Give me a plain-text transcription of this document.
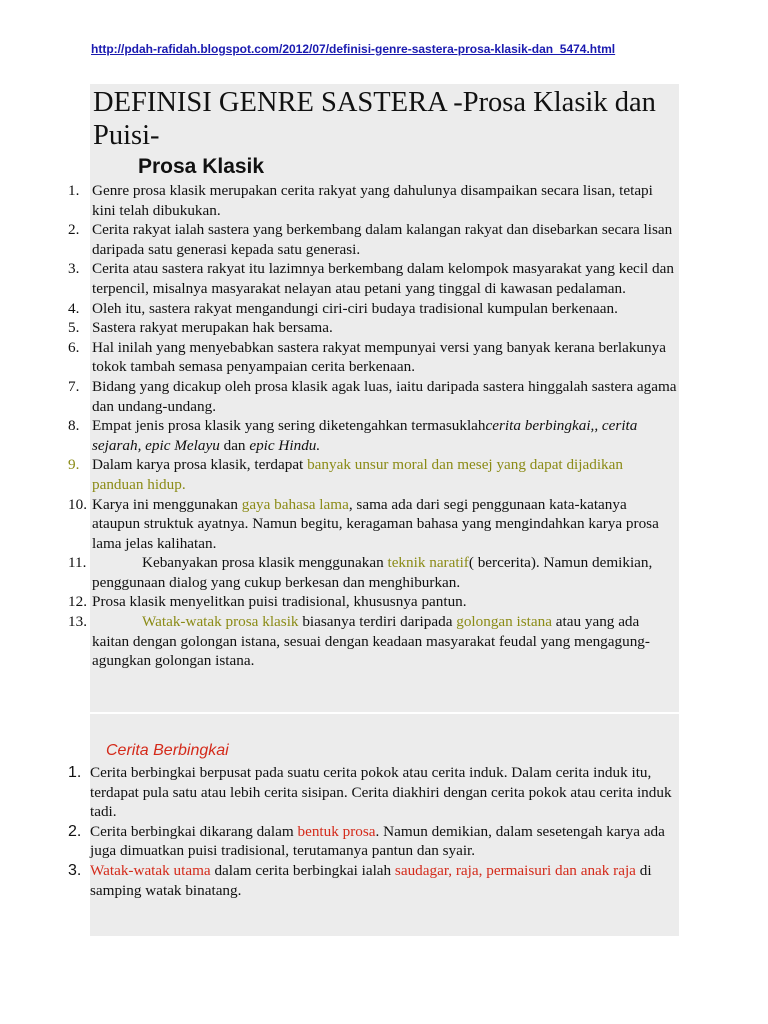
http://pdah-rafidah.blogspot.com/2012/07/definisi-genre-sastera-prosa-klasik-dan_5474.html
DEFINISI GENRE SASTERA -Prosa Klasik dan Puisi-
Prosa Klasik
1. Genre prosa klasik merupakan cerita rakyat yang dahulunya disampaikan secara lisan, tetapi kini telah dibukukan.
2. Cerita rakyat ialah sastera yang berkembang dalam kalangan rakyat dan disebarkan secara lisan daripada satu generasi kepada satu generasi.
3. Cerita atau sastera rakyat itu lazimnya berkembang dalam kelompok masyarakat yang kecil dan terpencil, misalnya masyarakat nelayan atau petani yang tinggal di kawasan pedalaman.
4. Oleh itu, sastera rakyat mengandungi ciri-ciri budaya tradisional kumpulan berkenaan.
5. Sastera rakyat merupakan hak bersama.
6. Hal inilah yang menyebabkan sastera rakyat mempunyai versi yang banyak kerana berlakunya tokok tambah semasa penyampaian cerita berkenaan.
7. Bidang yang dicakup oleh prosa klasik agak luas, iaitu daripada sastera hinggalah sastera agama dan undang-undang.
8. Empat jenis prosa klasik yang sering diketengahkan termasuklahcerita berbingkai,, cerita sejarah, epic Melayu dan epic Hindu.
9. Dalam karya prosa klasik, terdapat banyak unsur moral dan mesej yang dapat dijadikan panduan hidup.
10. Karya ini menggunakan gaya bahasa lama, sama ada dari segi penggunaan kata-katanya ataupun struktuk ayatnya. Namun begitu, keragaman bahasa yang mengindahkan karya prosa lama jelas kalihatan.
11.	Kebanyakan prosa klasik menggunakan teknik naratif( bercerita). Namun demikian, penggunaan dialog yang cukup berkesan dan menghiburkan.
12. Prosa klasik menyelitkan puisi tradisional, khususnya pantun.
13.	Watak-watak prosa klasik biasanya terdiri daripada golongan istana atau yang ada kaitan dengan golongan istana, sesuai dengan keadaan masyarakat feudal yang mengagung-agungkan golongan istana.
Cerita Berbingkai
1. Cerita berbingkai berpusat pada suatu cerita pokok atau cerita induk. Dalam cerita induk itu, terdapat pula satu atau lebih cerita sisipan. Cerita diakhiri dengan cerita pokok atau cerita induk tadi.
2. Cerita berbingkai dikarang dalam bentuk prosa. Namun demikian, dalam sesetengah karya ada juga dimuatkan puisi tradisional, terutamanya pantun dan syair.
3. Watak-watak utama dalam cerita berbingkai ialah saudagar, raja, permaisuri dan anak raja di samping watak binatang.
